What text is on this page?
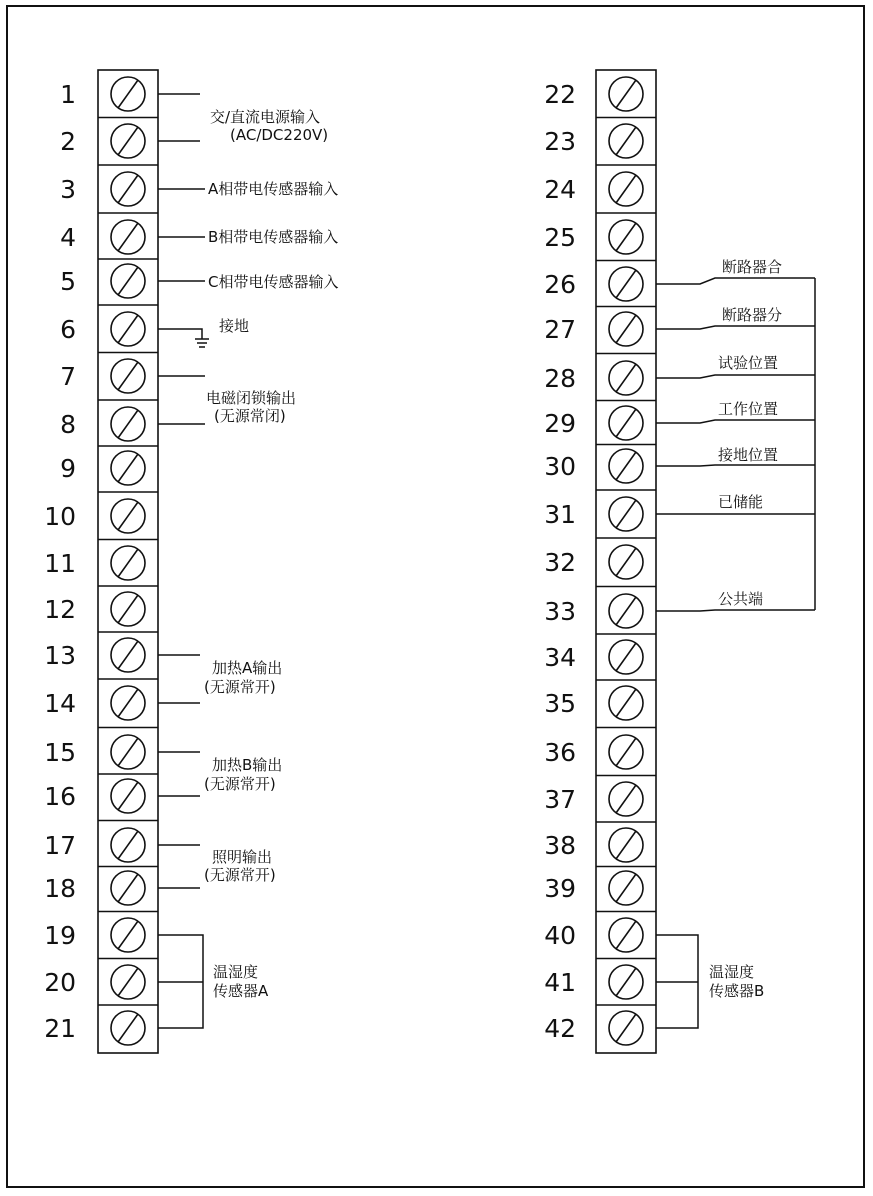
1
2
3
4
5
6
7
8
9
10
11
12
13
14
15
16
17
18
19
20
21
22
23
24
25
26
27
28
29
30
31
32
33
34
35
36
37
38
39
40
41
42
交/直流电源输入
(AC/DC220V)
A相带电传感器输入
B相带电传感器输入
C相带电传感器输入
接地
电磁闭锁输出
(无源常闭)
加热A输出
(无源常开)
加热B输出
(无源常开)
照明输出
(无源常开)
温湿度
传感器A
断路器合
断路器分
试验位置
工作位置
接地位置
已储能
公共端
温湿度
传感器B
